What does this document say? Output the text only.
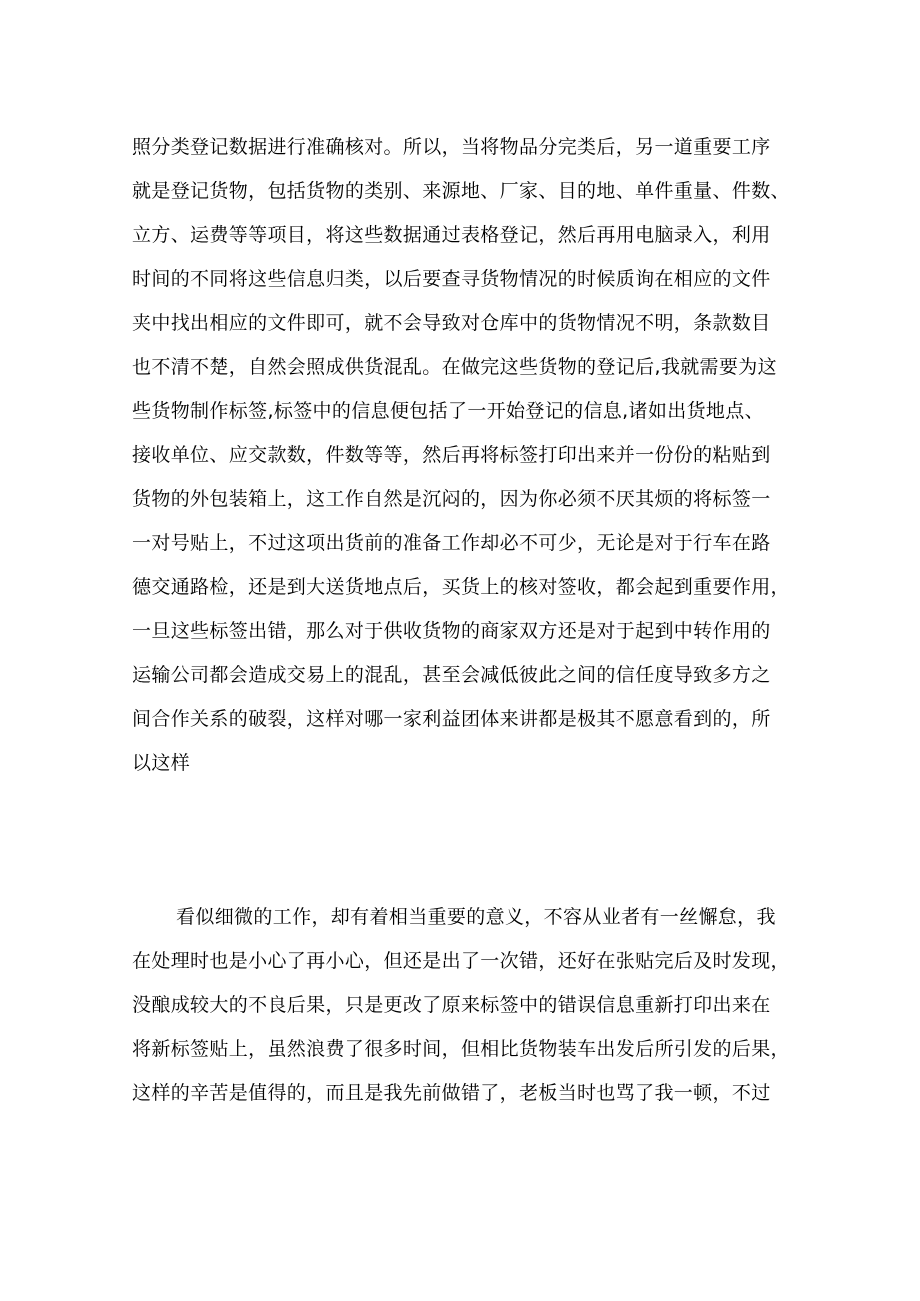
照分类登记数据进行准确核对。所以，当将物品分完类后，另一道重要工序
就是登记货物，包括货物的类别、来源地、厂家、目的地、单件重量、件数、
立方、运费等等项目，将这些数据通过表格登记，然后再用电脑录入，利用
时间的不同将这些信息归类，以后要查寻货物情况的时候质询在相应的文件
夹中找出相应的文件即可，就不会导致对仓库中的货物情况不明，条款数目
也不清不楚，自然会照成供货混乱。在做完这些货物的登记后,我就需要为这
些货物制作标签,标签中的信息便包括了一开始登记的信息,诸如出货地点、
接收单位、应交款数，件数等等，然后再将标签打印出来并一份份的粘贴到
货物的外包装箱上，这工作自然是沉闷的，因为你必须不厌其烦的将标签一
一对号贴上，不过这项出货前的准备工作却必不可少，无论是对于行车在路
德交通路检，还是到大送货地点后，买货上的核对签收，都会起到重要作用，
一旦这些标签出错，那么对于供收货物的商家双方还是对于起到中转作用的
运输公司都会造成交易上的混乱，甚至会减低彼此之间的信任度导致多方之
间合作关系的破裂，这样对哪一家利益团体来讲都是极其不愿意看到的，所
以这样
看似细微的工作，却有着相当重要的意义，不容从业者有一丝懈怠，我
在处理时也是小心了再小心，但还是出了一次错，还好在张贴完后及时发现，
没酿成较大的不良后果，只是更改了原来标签中的错误信息重新打印出来在
将新标签贴上，虽然浪费了很多时间，但相比货物装车出发后所引发的后果，
这样的辛苦是值得的，而且是我先前做错了，老板当时也骂了我一顿，不过
